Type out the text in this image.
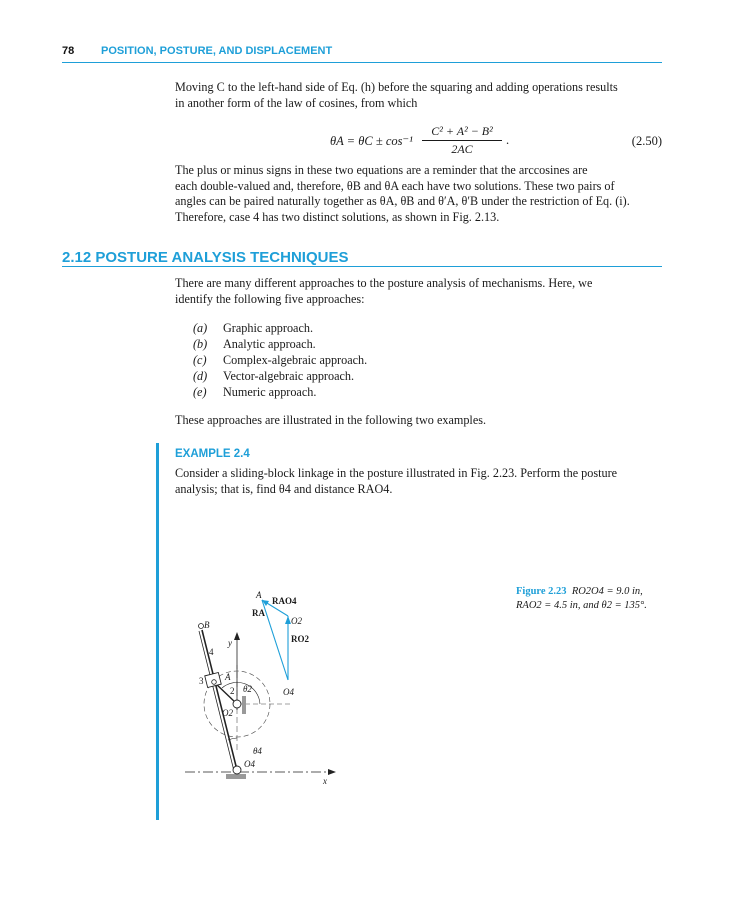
78 POSITION, POSTURE, AND DISPLACEMENT
Moving C to the left-hand side of Eq. (h) before the squaring and adding operations results
in another form of the law of cosines, from which
θA = θC ± cos⁻¹
C² + A² − B²
2AC
.	(2.50)
The plus or minus signs in these two equations are a reminder that the arccosines are
each double-valued and, therefore, θB and θA each have two solutions. These two pairs of
angles can be paired naturally together as θA, θB and θ′A, θ′B under the restriction of Eq. (i).
Therefore, case 4 has two distinct solutions, as shown in Fig. 2.13.
2.12 POSTURE ANALYSIS TECHNIQUES
There are many different approaches to the posture analysis of mechanisms. Here, we
identify the following five approaches:
(a) Graphic approach.
(b) Analytic approach.
(c) Complex-algebraic approach.
(d) Vector-algebraic approach.
(e) Numeric approach.
These approaches are illustrated in the following two examples.
EXAMPLE 2.4
Consider a sliding-block linkage in the posture illustrated in Fig. 2.23. Perform the posture
analysis; that is, find θ4 and distance RAO4.
A
RAO4
RA
O2
RO2
B
y
4
3 A
2 θ2	O4
O2
θ4
O4
x
Figure 2.23 RO2O4 = 9.0 in,
RAO2 = 4.5 in, and θ2 = 135°.
